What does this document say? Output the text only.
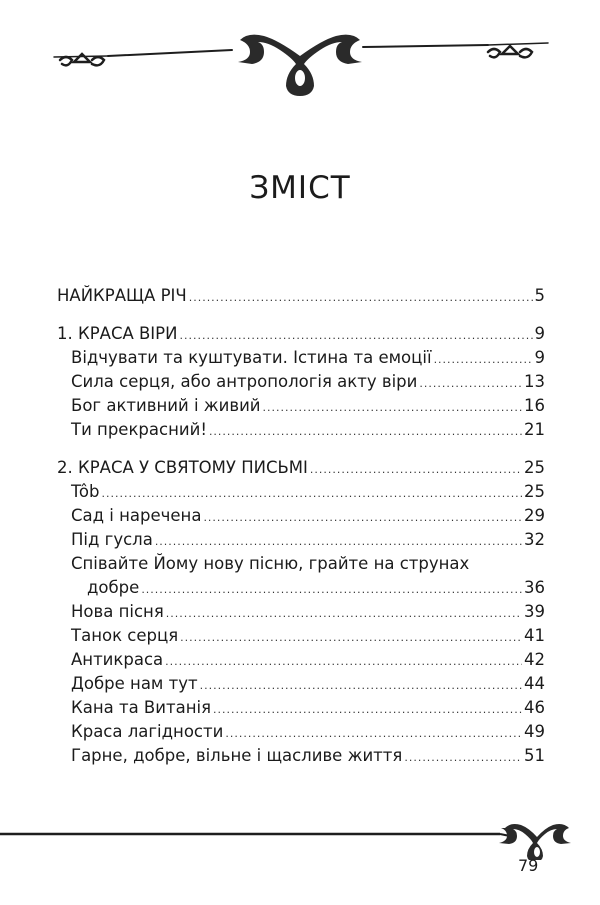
ЗМІСТ
НАЙКРАЩА РІЧ .....	5
1. КРАСА ВІРИ .....	9
Відчувати та куштувати. Істина та емоції .....	9
Сила серця, або антропологія акту віри .....	13
Бог активний і живий .....	16
Ти прекрасний! .....	21
2. КРАСА У СВЯТОМУ ПИСЬМІ .....	25
Tôb .....	25
Сад і наречена .....	29
Під гусла .....	32
Співайте Йому нову пісню, грайте на струнах
добре .....	36
Нова пісня .....	39
Танок серця .....	41
Антикраса .....	42
Добре нам тут .....	44
Кана та Витанія .....	46
Краса лагідности .....	49
Гарне, добре, вільне і щасливе життя .....	51
79
